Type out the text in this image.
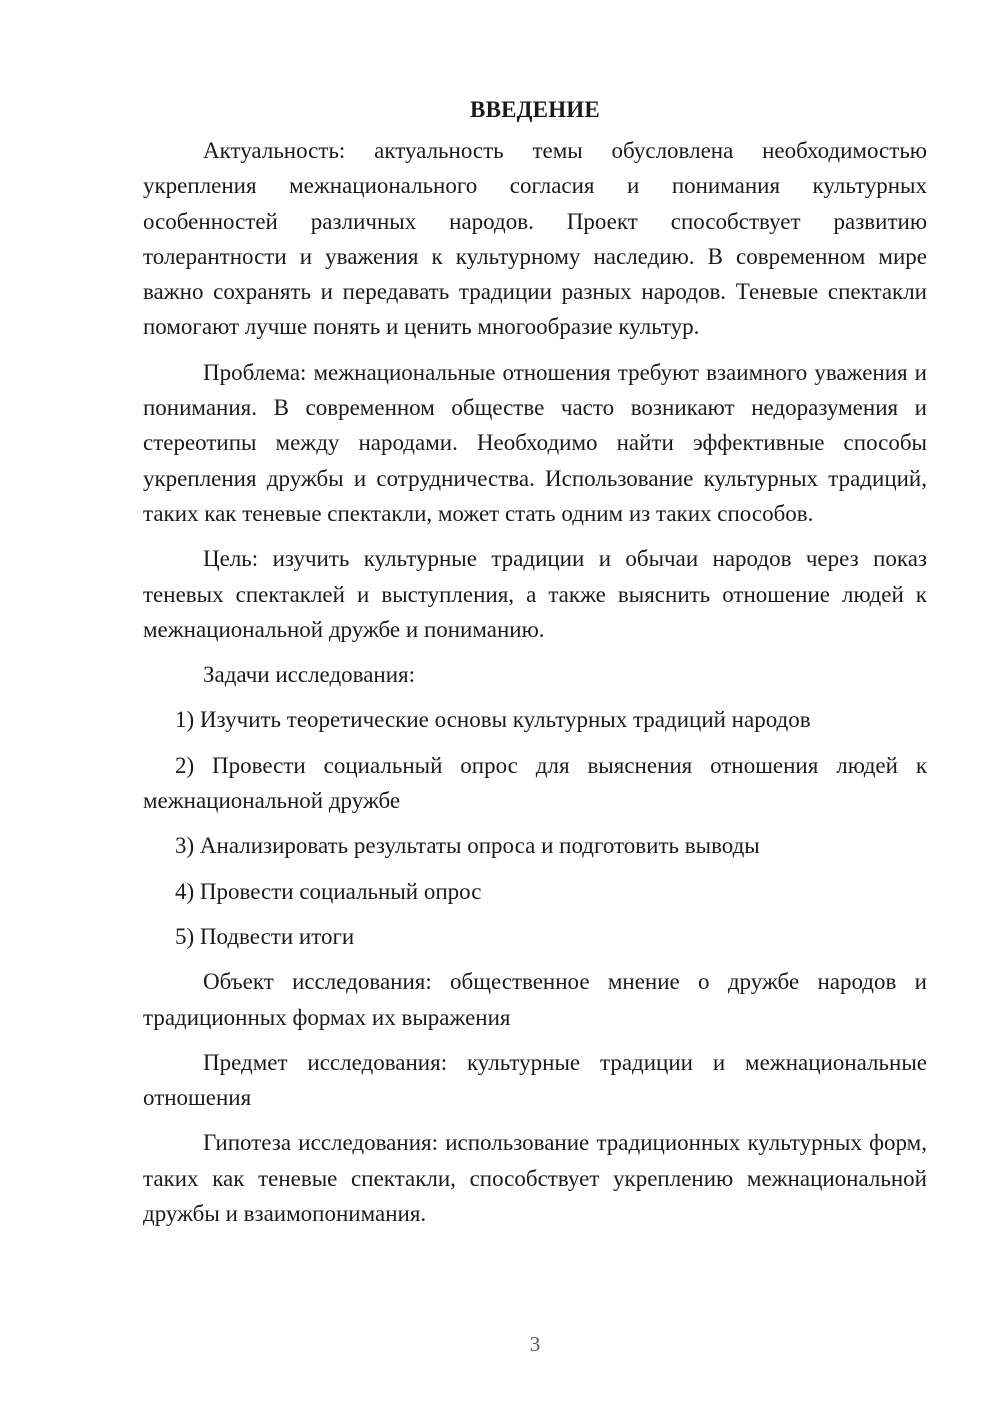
ВВЕДЕНИЕ

Актуальность: актуальность темы обусловлена необходимостью укрепления межнационального согласия и понимания культурных особенностей различных народов. Проект способствует развитию толерантности и уважения к культурному наследию. В современном мире важно сохранять и передавать традиции разных народов. Теневые спектакли помогают лучше понять и ценить многообразие культур.

Проблема: межнациональные отношения требуют взаимного уважения и понимания. В современном обществе часто возникают недоразумения и стереотипы между народами. Необходимо найти эффективные способы укрепления дружбы и сотрудничества. Использование культурных традиций, таких как теневые спектакли, может стать одним из таких способов.

Цель: изучить культурные традиции и обычаи народов через показ теневых спектаклей и выступления, а также выяснить отношение людей к межнациональной дружбе и пониманию.

Задачи исследования:

1) Изучить теоретические основы культурных традиций народов

2) Провести социальный опрос для выяснения отношения людей к межнациональной дружбе

3) Анализировать результаты опроса и подготовить выводы

4) Провести социальный опрос

5) Подвести итоги

Объект исследования: общественное мнение о дружбе народов и традиционных формах их выражения

Предмет исследования: культурные традиции и межнациональные отношения

Гипотеза исследования: использование традиционных культурных форм, таких как теневые спектакли, способствует укреплению межнациональной дружбы и взаимопонимания.

3
